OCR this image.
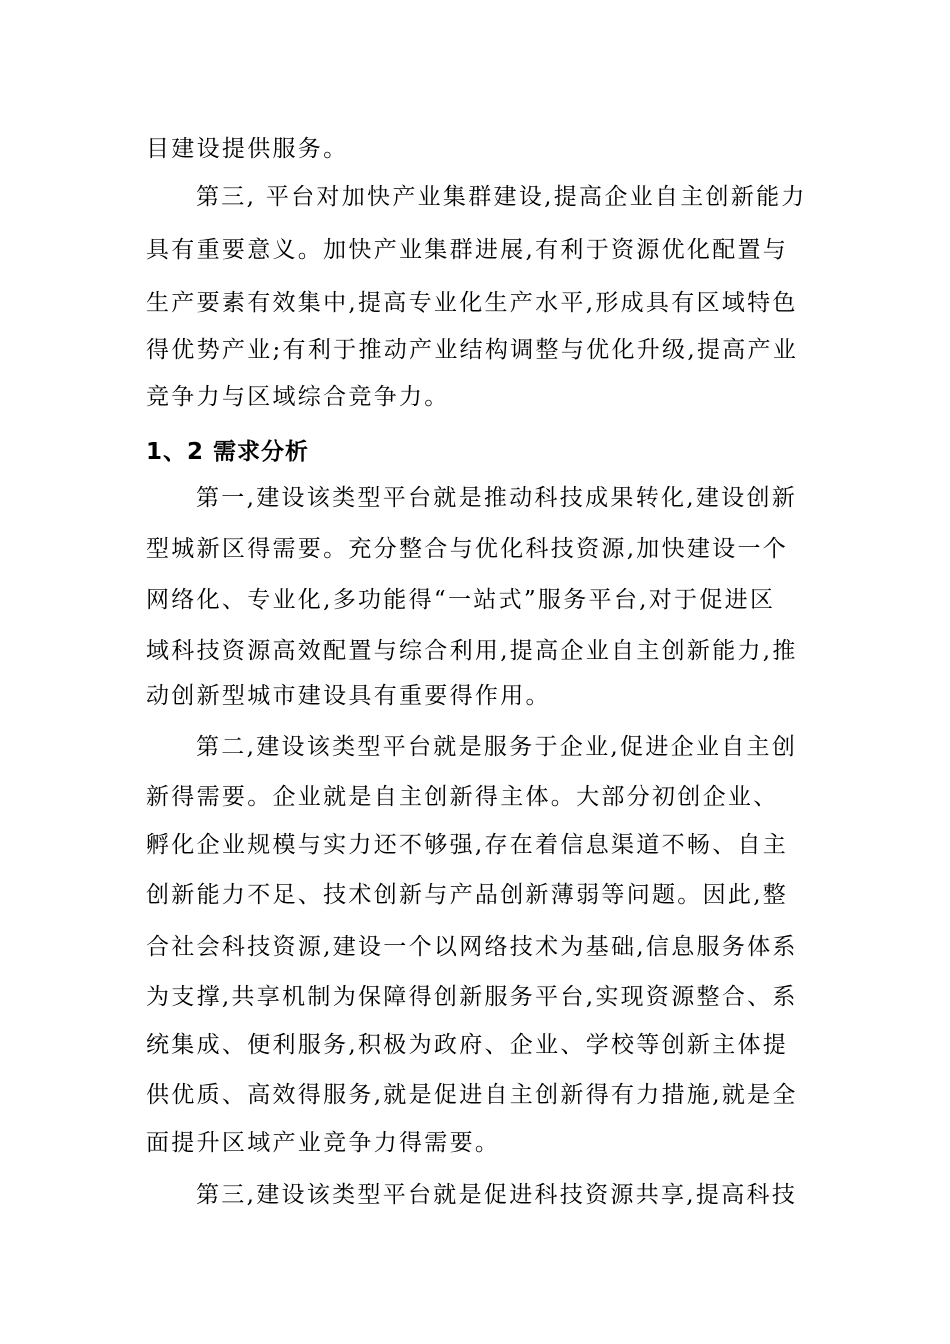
目建设提供服务。
第三, 平台对加快产业集群建设,提高企业自主创新能力
具有重要意义。加快产业集群进展,有利于资源优化配置与
生产要素有效集中,提高专业化生产水平,形成具有区域特色
得优势产业;有利于推动产业结构调整与优化升级,提高产业
竞争力与区域综合竞争力。
1、2 需求分析
第一,建设该类型平台就是推动科技成果转化,建设创新
型城新区得需要。充分整合与优化科技资源,加快建设一个
网络化、专业化,多功能得“一站式”服务平台,对于促进区
域科技资源高效配置与综合利用,提高企业自主创新能力,推
动创新型城市建设具有重要得作用。
第二,建设该类型平台就是服务于企业,促进企业自主创
新得需要。企业就是自主创新得主体。大部分初创企业、
孵化企业规模与实力还不够强,存在着信息渠道不畅、自主
创新能力不足、技术创新与产品创新薄弱等问题。因此,整
合社会科技资源,建设一个以网络技术为基础,信息服务体系
为支撑,共享机制为保障得创新服务平台,实现资源整合、系
统集成、便利服务,积极为政府、企业、学校等创新主体提
供优质、高效得服务,就是促进自主创新得有力措施,就是全
面提升区域产业竞争力得需要。
第三,建设该类型平台就是促进科技资源共享,提高科技
